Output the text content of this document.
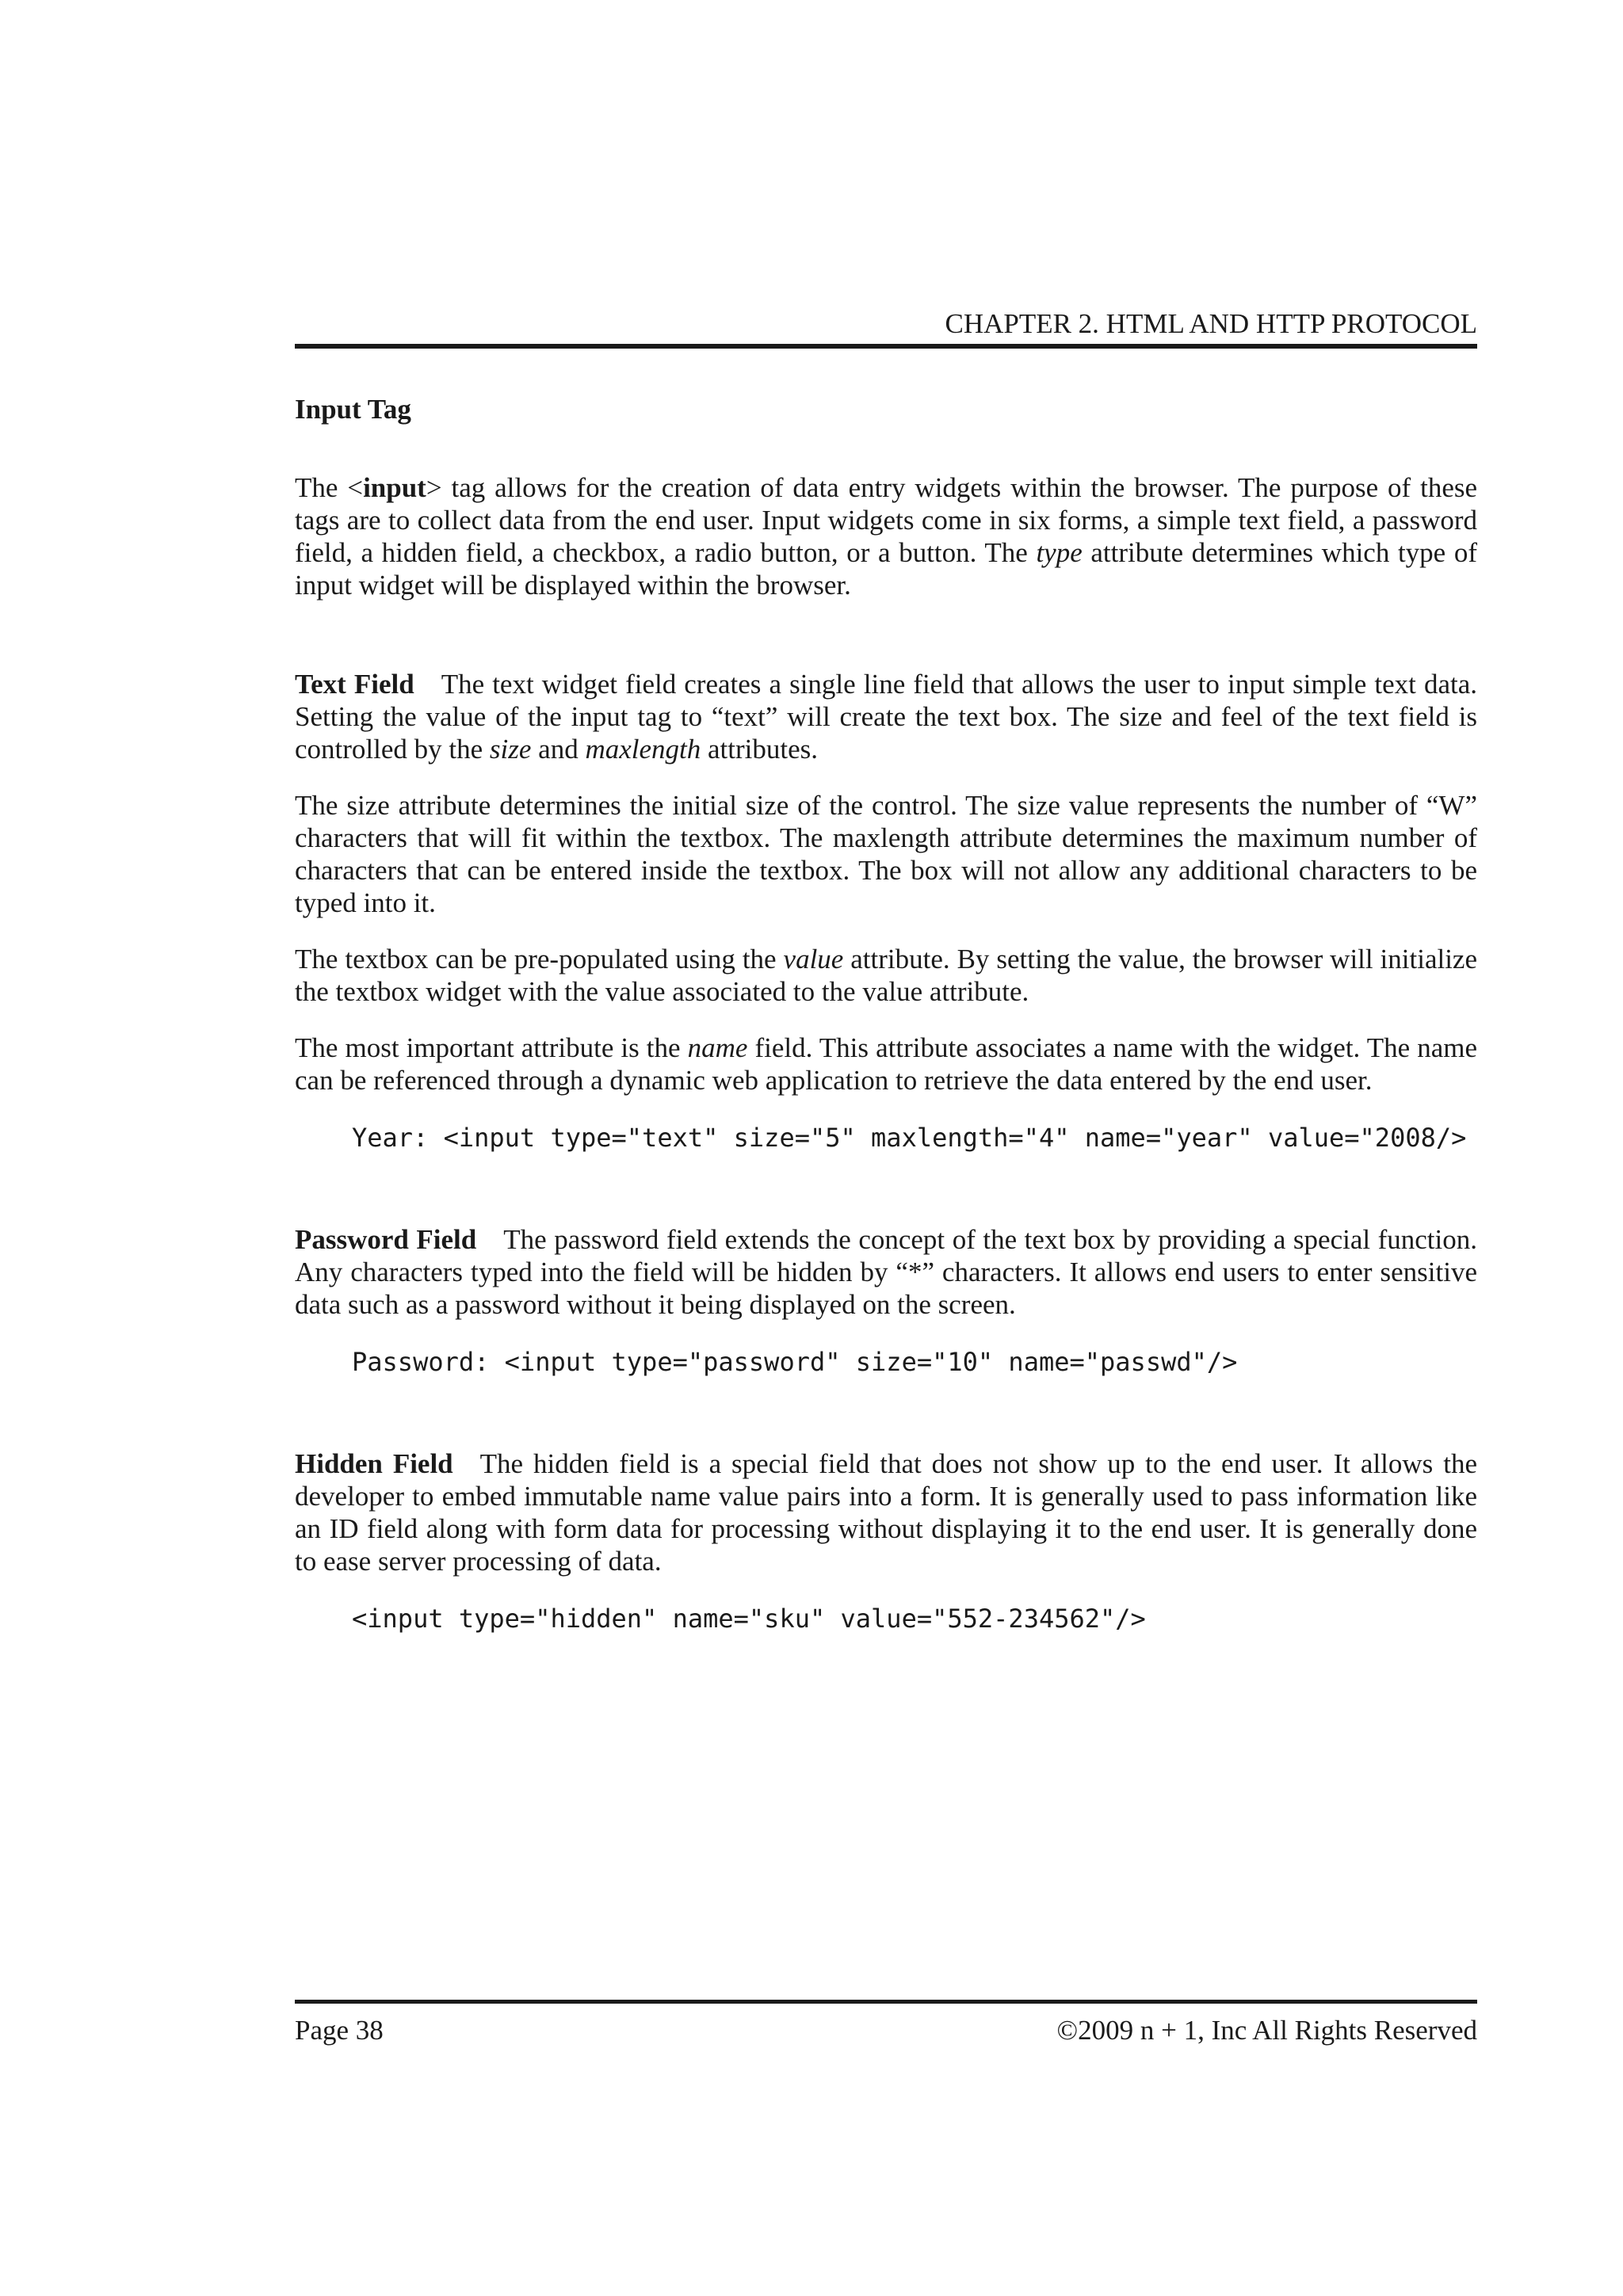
CHAPTER 2. HTML AND HTTP PROTOCOL
Input Tag

The <input> tag allows for the creation of data entry widgets within the browser. The purpose of these tags are to collect data from the end user. Input widgets come in six forms, a simple text field, a password field, a hidden field, a checkbox, a radio button, or a button. The type attribute determines which type of input widget will be displayed within the browser.

Text Field The text widget field creates a single line field that allows the user to input simple text data. Setting the value of the input tag to “text” will create the text box. The size and feel of the text field is controlled by the size and maxlength attributes.

The size attribute determines the initial size of the control. The size value represents the number of “W” characters that will fit within the textbox. The maxlength attribute determines the maximum number of characters that can be entered inside the textbox. The box will not allow any additional characters to be typed into it.

The textbox can be pre-populated using the value attribute. By setting the value, the browser will initialize the textbox widget with the value associated to the value attribute.

The most important attribute is the name field. This attribute associates a name with the widget. The name can be referenced through a dynamic web application to retrieve the data entered by the end user.

Year: <input type="text" size="5" maxlength="4" name="year" value="2008/>

Password Field The password field extends the concept of the text box by providing a special function. Any characters typed into the field will be hidden by “*” characters. It allows end users to enter sensitive data such as a password without it being displayed on the screen.

Password: <input type="password" size="10" name="passwd"/>

Hidden Field The hidden field is a special field that does not show up to the end user. It allows the developer to embed immutable name value pairs into a form. It is generally used to pass information like an ID field along with form data for processing without displaying it to the end user. It is generally done to ease server processing of data.

<input type="hidden" name="sku" value="552-234562"/>
Page 38	©2009 n + 1, Inc All Rights Reserved
